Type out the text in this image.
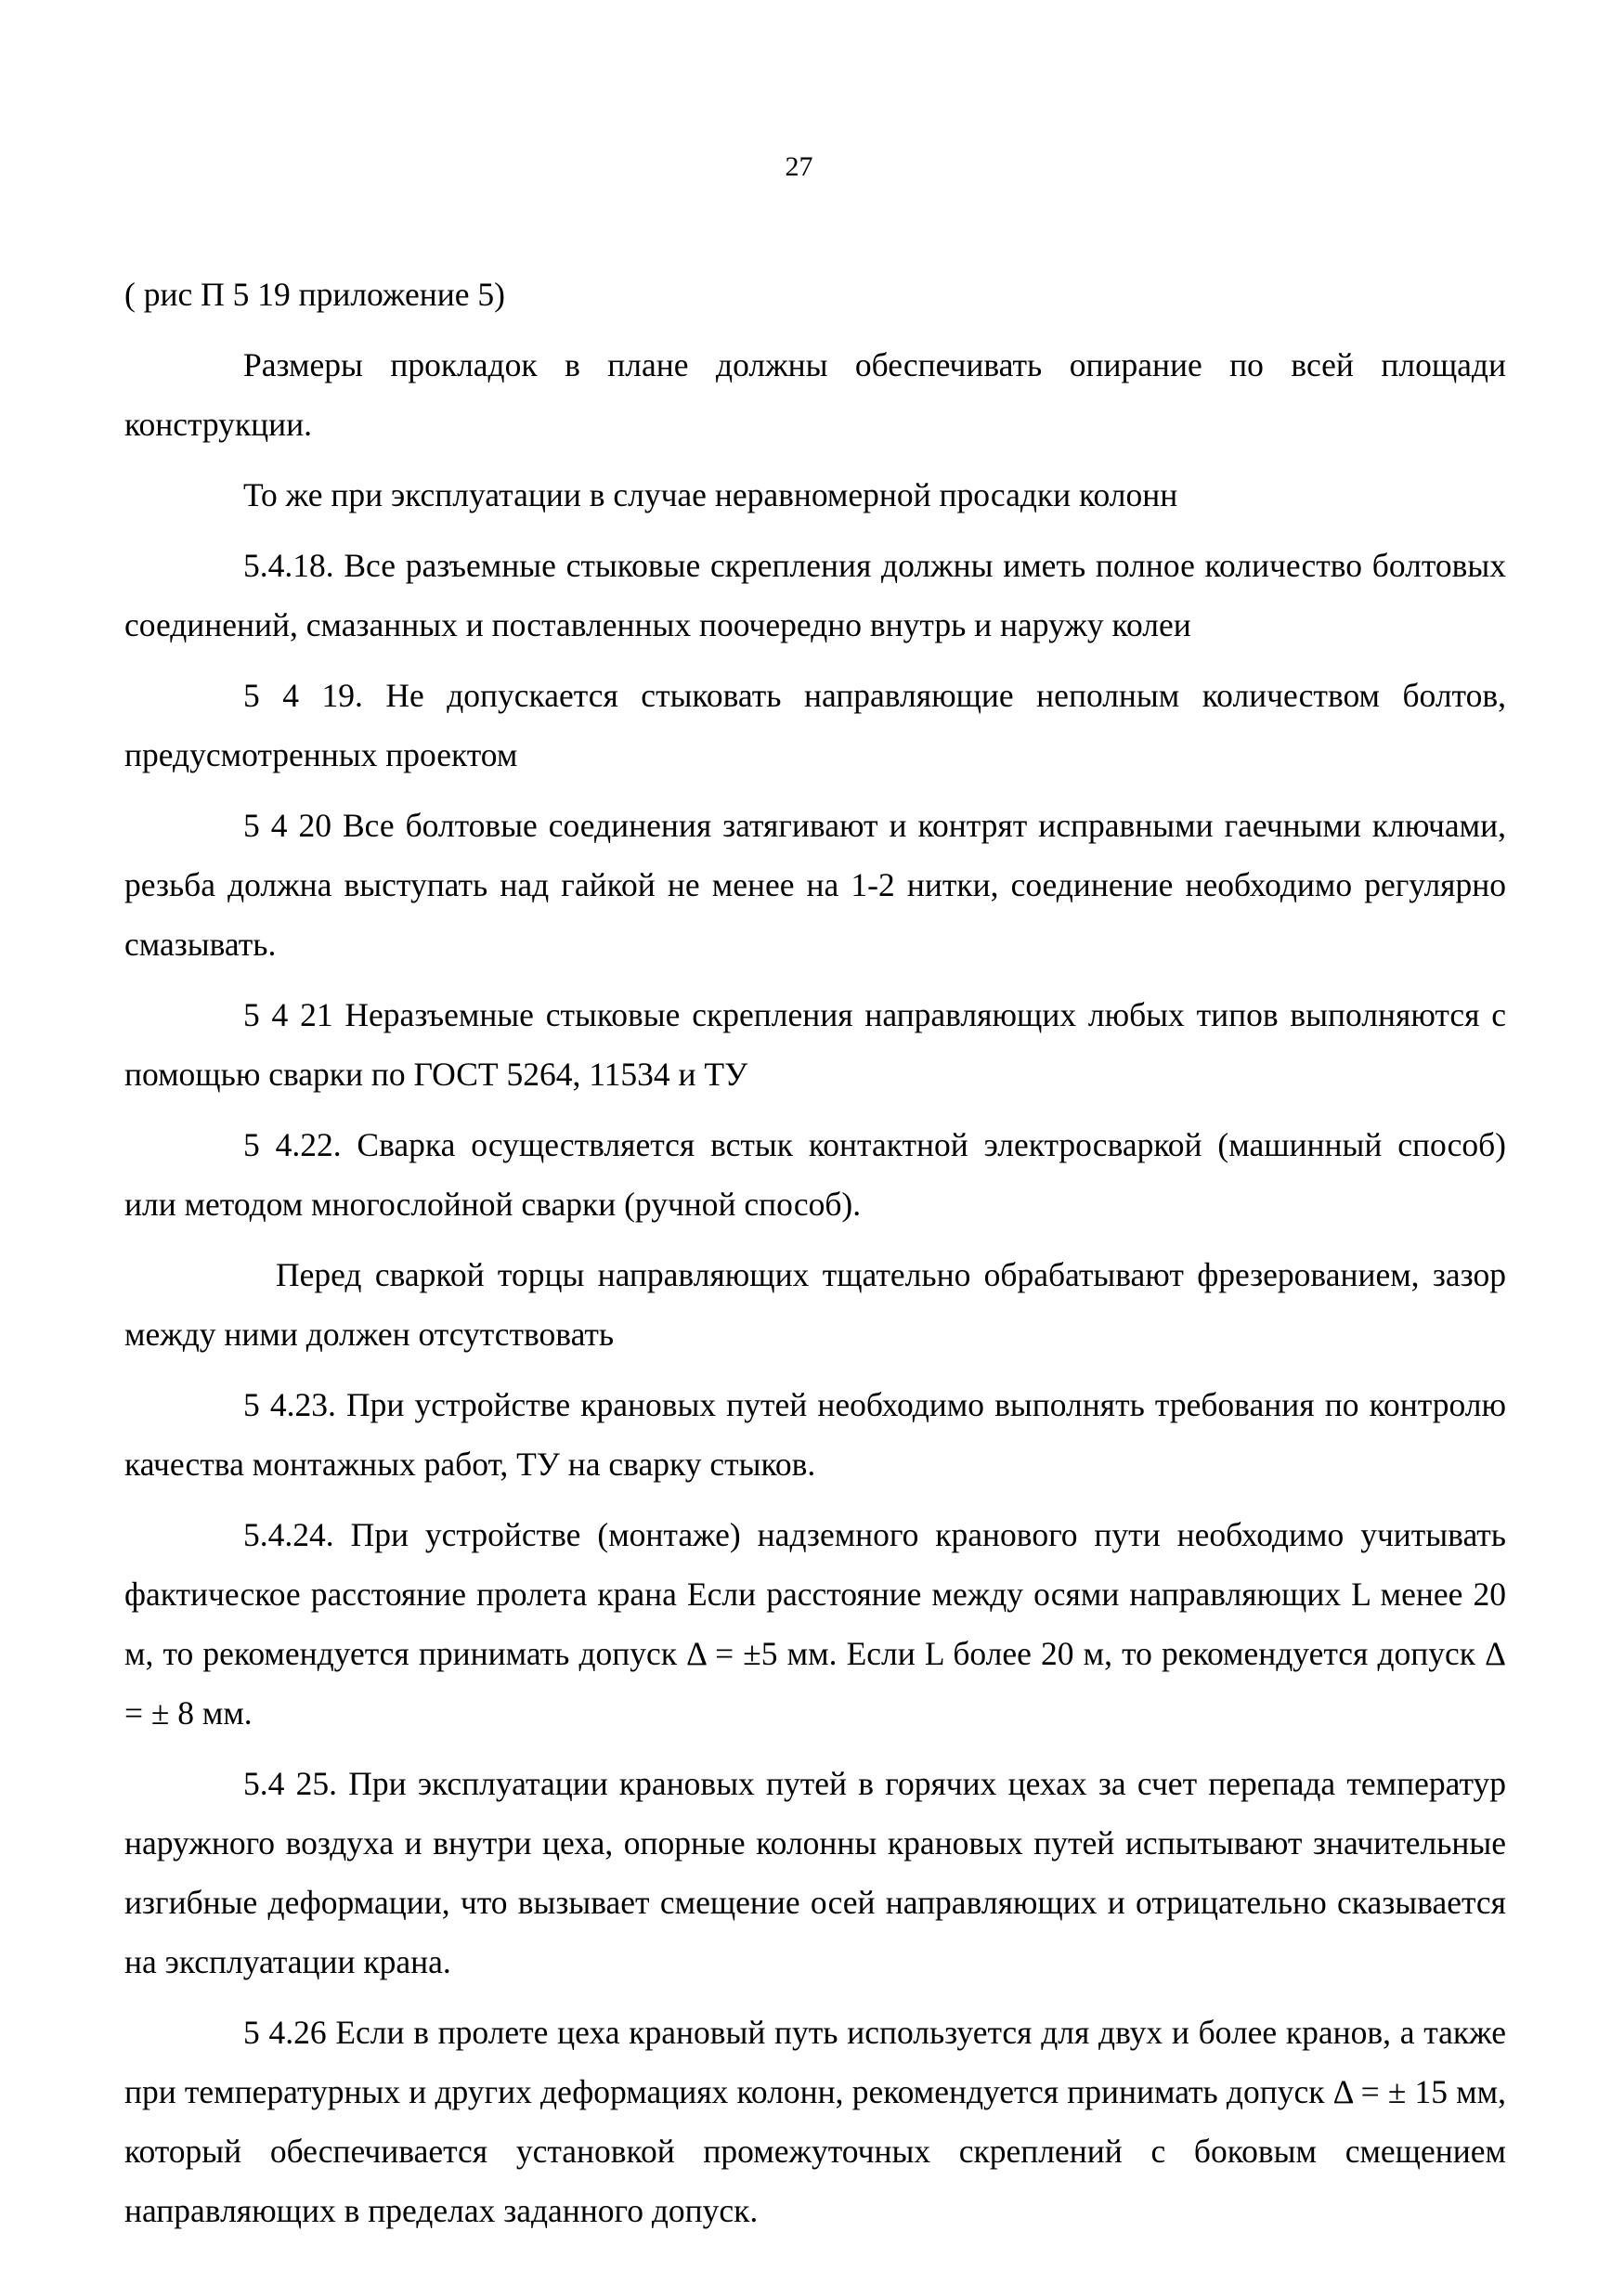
27

( рис П 5 19 приложение 5)

Размеры прокладок в плане должны обеспечивать опирание по всей площади конструкции.

То же при эксплуатации в случае неравномерной просадки колонн

5.4.18. Все разъемные стыковые скрепления должны иметь полное количество болтовых соединений, смазанных и поставленных поочередно внутрь и наружу колеи

5 4 19. Не допускается стыковать направляющие неполным количеством болтов, предусмотренных проектом

5 4 20 Все болтовые соединения затягивают и контрят исправными гаечными ключами, резьба должна выступать над гайкой не менее на 1-2 нитки, соединение необходимо регулярно смазывать.

5 4 21 Неразъемные стыковые скрепления направляющих любых типов выполняются с помощью сварки по ГОСТ 5264, 11534 и ТУ

5 4.22. Сварка осуществляется встык контактной электросваркой (машинный способ) или методом многослойной сварки (ручной способ).

Перед сваркой торцы направляющих тщательно обрабатывают фрезерованием, зазор между ними должен отсутствовать

5 4.23. При устройстве крановых путей необходимо выполнять требования по контролю качества монтажных работ, ТУ на сварку стыков.

5.4.24. При устройстве (монтаже) надземного кранового пути необходимо учитывать фактическое расстояние пролета крана Если расстояние между осями направляющих L менее 20 м, то рекомендуется принимать допуск Δ = ±5 мм. Если L более 20 м, то рекомендуется допуск Δ = ± 8 мм.

5.4 25. При эксплуатации крановых путей в горячих цехах за счет перепада температур наружного воздуха и внутри цеха, опорные колонны крановых путей испытывают значительные изгибные деформации, что вызывает смещение осей направляющих и отрицательно сказывается на эксплуатации крана.

5 4.26 Если в пролете цеха крановый путь используется для двух и более кранов, а также при температурных и других деформациях колонн, рекомендуется принимать допуск Δ = ± 15 мм, который обеспечивается установкой промежуточных скреплений с боковым смещением направляющих в пределах заданного допуск.
